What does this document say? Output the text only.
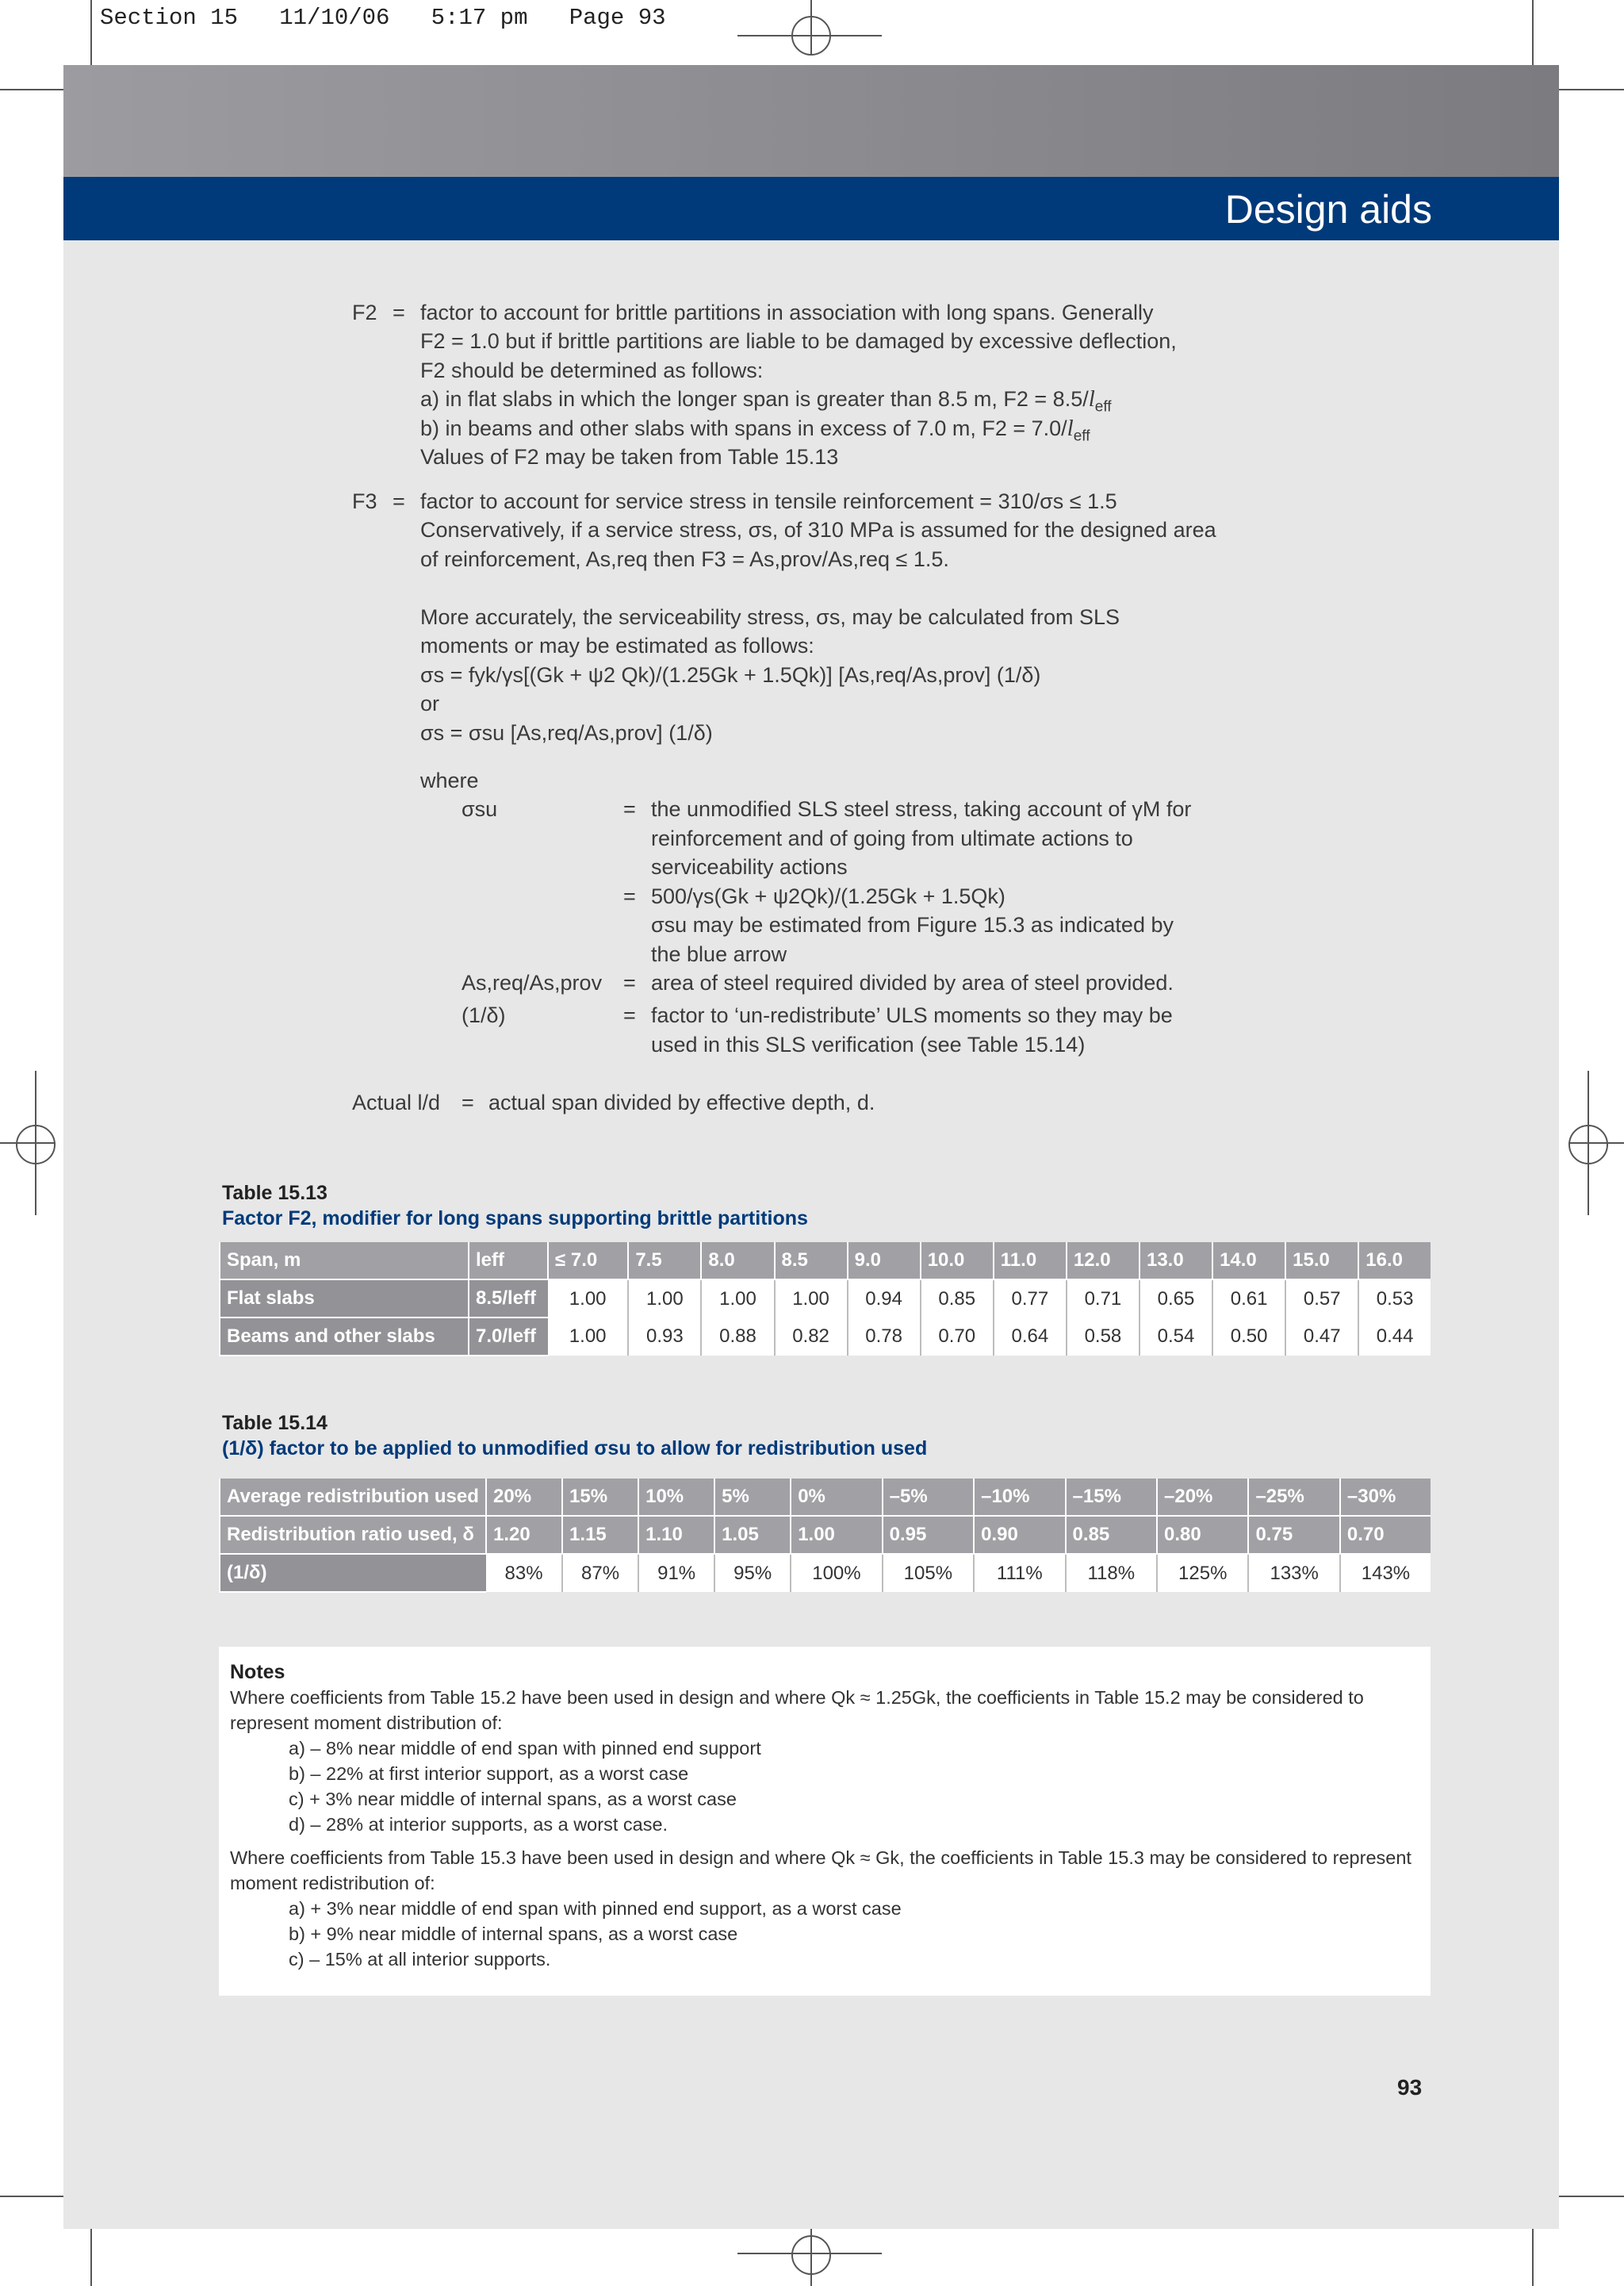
Section 15   11/10/06   5:17 pm   Page 93
Design aids
F2 = factor to account for brittle partitions in association with long spans. Generally
F2 = 1.0 but if brittle partitions are liable to be damaged by excessive deflection,
F2 should be determined as follows:
a) in flat slabs in which the longer span is greater than 8.5 m, $F2 = 8.5/l_{eff}$
b) in beams and other slabs with spans in excess of 7.0 m, $F2 = 7.0/l_{eff}$
Values of F2 may be taken from Table 15.13
F3 = factor to account for service stress in tensile reinforcement = 310/σs ≤ 1.5
Conservatively, if a service stress, σs, of 310 MPa is assumed for the designed area
of reinforcement, As,req then F3 = As,prov/As,req ≤ 1.5.
More accurately, the serviceability stress, σs, may be calculated from SLS
moments or may be estimated as follows:
σs = fyk/γs[(Gk + ψ2 Qk)/(1.25Gk + 1.5Qk)] [As,req/As,prov] (1/δ)
or
σs = σsu [As,req/As,prov] (1/δ)
where
σsu	= the unmodified SLS steel stress, taking account of γM for
reinforcement and of going from ultimate actions to
serviceability actions
= 500/γs(Gk + ψ2Qk)/(1.25Gk + 1.5Qk)
σsu may be estimated from Figure 15.3 as indicated by
the blue arrow
As,req/As,prov = area of steel required divided by area of steel provided.
(1/δ)	= factor to ‘un-redistribute’ ULS moments so they may be
used in this SLS verification (see Table 15.14)
Actual l/d = actual span divided by effective depth, d.
Table 15.13
Factor F2, modifier for long spans supporting brittle partitions
Span, m	leff	≤ 7.0	7.5	8.0	8.5	9.0	10.0	11.0	12.0	13.0	14.0	15.0	16.0
Flat slabs	8.5/leff	1.00	1.00	1.00	1.00	0.94	0.85	0.77	0.71	0.65	0.61	0.57	0.53
Beams and other slabs	7.0/leff	1.00	0.93	0.88	0.82	0.78	0.70	0.64	0.58	0.54	0.50	0.47	0.44
Table 15.14
(1/δ) factor to be applied to unmodified σsu to allow for redistribution used
Average redistribution used	20%	15%	10%	5%	0%	–5%	–10%	–15%	–20%	–25%	–30%
Redistribution ratio used, δ	1.20	1.15	1.10	1.05	1.00	0.95	0.90	0.85	0.80	0.75	0.70
(1/δ)	83%	87%	91%	95%	100%	105%	111%	118%	125%	133%	143%
Notes
Where coefficients from Table 15.2 have been used in design and where Qk ≈ 1.25Gk, the coefficients in Table 15.2 may be considered to
represent moment distribution of:
a) – 8% near middle of end span with pinned end support
b) – 22% at first interior support, as a worst case
c) + 3% near middle of internal spans, as a worst case
d) – 28% at interior supports, as a worst case.
Where coefficients from Table 15.3 have been used in design and where Qk ≈ Gk, the coefficients in Table 15.3 may be considered to represent
moment redistribution of:
a) + 3% near middle of end span with pinned end support, as a worst case
b) + 9% near middle of internal spans, as a worst case
c) – 15% at all interior supports.
93
